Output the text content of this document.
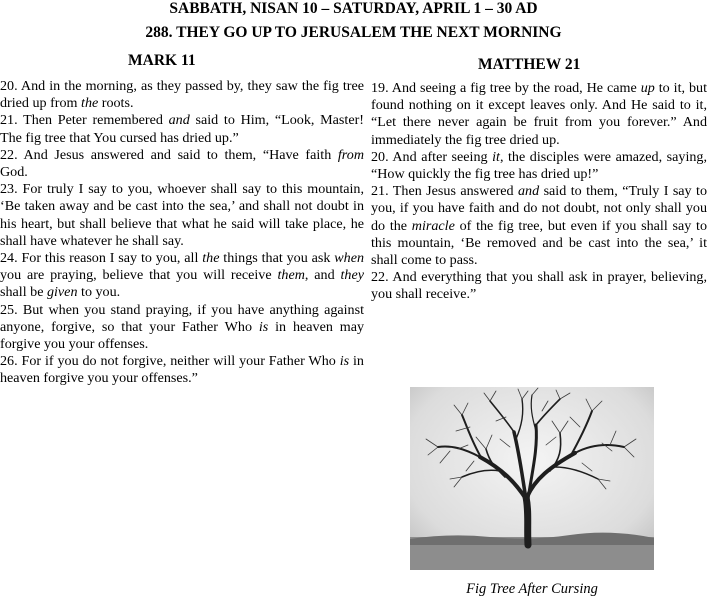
SABBATH, NISAN 10 – SATURDAY, APRIL 1 – 30 AD
288. THEY GO UP TO JERUSALEM THE NEXT MORNING
MARK 11	MATTHEW 21

20. And in the morning, as they passed by, they saw the fig tree dried up from the roots.

21. Then Peter remembered and said to Him, “Look, Master! The fig tree that You cursed has dried up.”

22. And Jesus answered and said to them, “Have faith from God.

23. For truly I say to you, whoever shall say to this mountain, ‘Be taken away and be cast into the sea,’ and shall not doubt in his heart, but shall believe that what he said will take place, he shall have whatever he shall say.

24. For this reason I say to you, all the things that you ask when you are praying, believe that you will receive them, and they shall be given to you.

25. But when you stand praying, if you have anything against anyone, forgive, so that your Father Who is in heaven may forgive you your offenses.

26. For if you do not forgive, neither will your Father Who is in heaven forgive you your offenses.”

19. And seeing a fig tree by the road, He came up to it, but found nothing on it except leaves only. And He said to it, “Let there never again be fruit from you forever.” And immediately the fig tree dried up.

20. And after seeing it, the disciples were amazed, saying, “How quickly the fig tree has dried up!”

21. Then Jesus answered and said to them, “Truly I say to you, if you have faith and do not doubt, not only shall you do the miracle of the fig tree, but even if you shall say to this mountain, ‘Be removed and be cast into the sea,’ it shall come to pass.

22. And everything that you shall ask in prayer, believing, you shall receive.”

Fig Tree After Cursing
